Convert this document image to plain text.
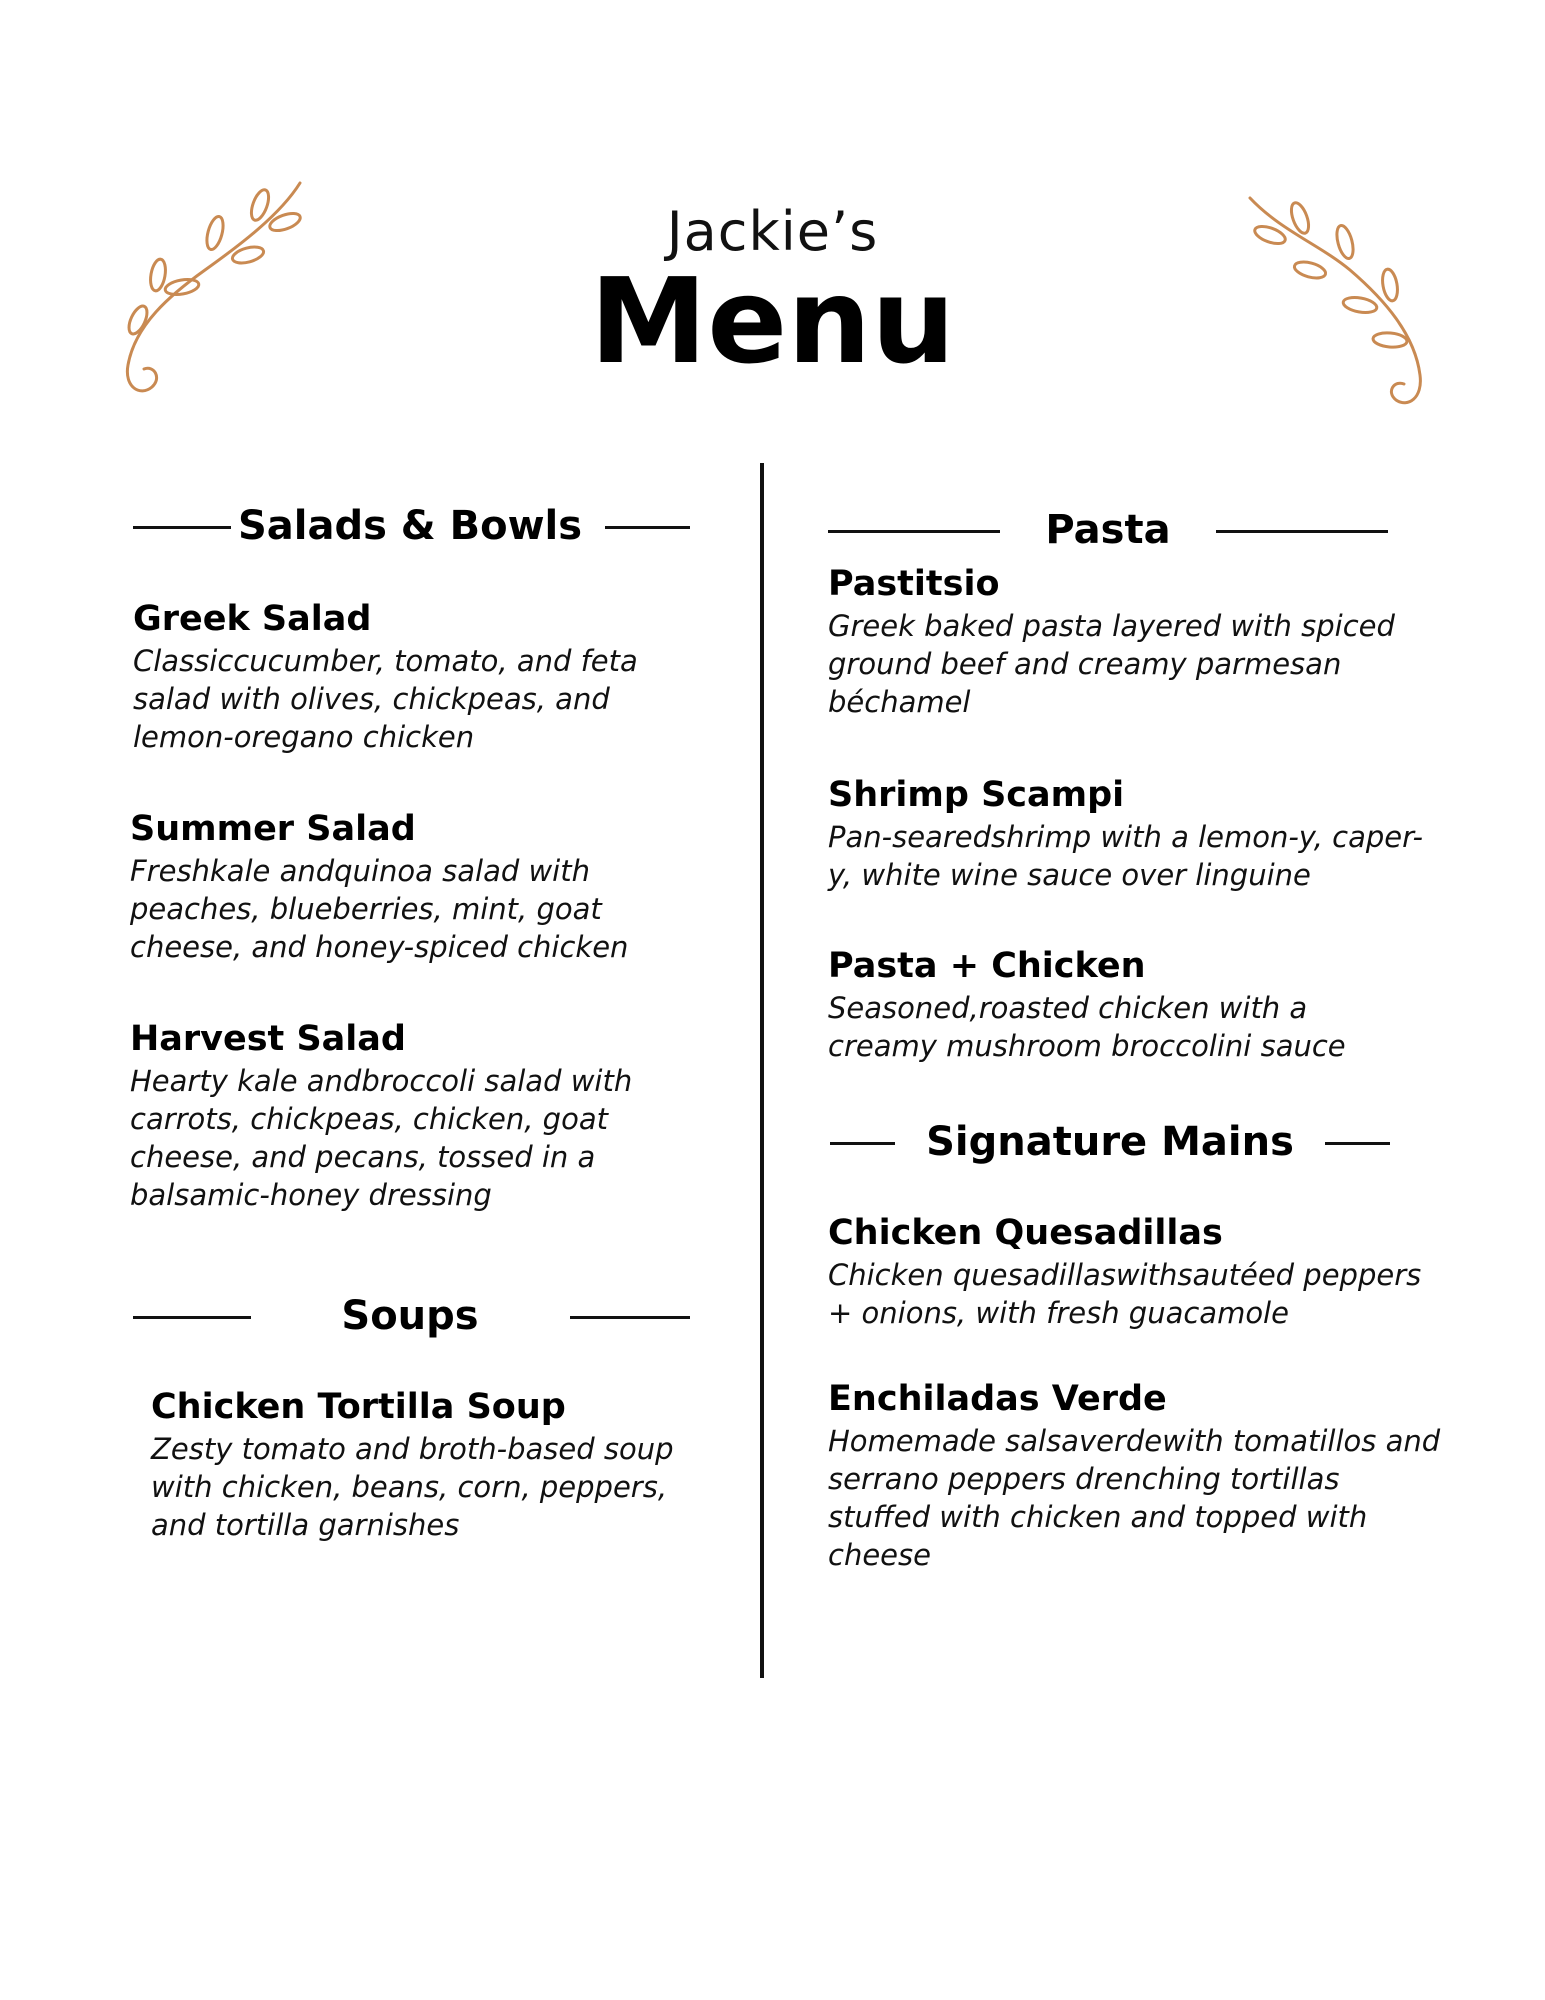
Jackie’s
Menu
Salads & Bowls
Greek Salad
Classiccucumber, tomato, and feta salad with olives, chickpeas, and lemon-oregano chicken
Summer Salad
Freshkale andquinoa salad with peaches, blueberries, mint, goat cheese, and honey-spiced chicken
Harvest Salad
Hearty kale andbroccoli salad with carrots, chickpeas, chicken, goat cheese, and pecans, tossed in a balsamic-honey dressing
Soups
Chicken Tortilla Soup
Zesty tomato and broth-based soup with chicken, beans, corn, peppers, and tortilla garnishes
Pasta
Pastitsio
Greek baked pasta layered with spiced ground beef and creamy parmesan béchamel
Shrimp Scampi
Pan-searedshrimp with a lemon-y, caper-y, white wine sauce over linguine
Pasta + Chicken
Seasoned,roasted chicken with a creamy mushroom broccolini sauce
Signature Mains
Chicken Quesadillas
Chicken quesadillaswithsautéed peppers + onions, with fresh guacamole
Enchiladas Verde
Homemade salsaverdewith tomatillos and serrano peppers drenching tortillas stuffed with chicken and topped with cheese
